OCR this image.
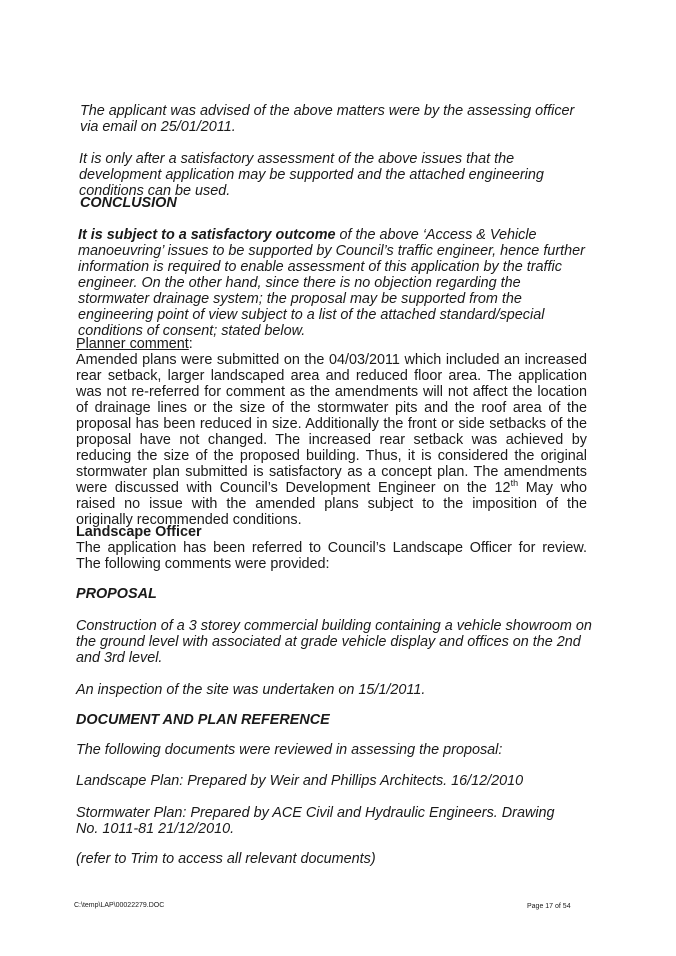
The applicant was advised of the above matters were by the assessing officer via email on 25/01/2011.

It is only after a satisfactory assessment of the above issues that the development application may be supported and the attached engineering conditions can be used.

CONCLUSION

It is subject to a satisfactory outcome of the above ‘Access & Vehicle manoeuvring’ issues to be supported by Council’s traffic engineer, hence further information is required to enable assessment of this application by the traffic engineer. On the other hand, since there is no objection regarding the stormwater drainage system; the proposal may be supported from the engineering point of view subject to a list of the attached standard/special conditions of consent; stated below.

Planner comment:

Amended plans were submitted on the 04/03/2011 which included an increased rear setback, larger landscaped area and reduced floor area. The application was not re-referred for comment as the amendments will not affect the location of drainage lines or the size of the stormwater pits and the roof area of the proposal has been reduced in size. Additionally the front or side setbacks of the proposal have not changed. The increased rear setback was achieved by reducing the size of the proposed building. Thus, it is considered the original stormwater plan submitted is satisfactory as a concept plan. The amendments were discussed with Council’s Development Engineer on the 12th May who raised no issue with the amended plans subject to the imposition of the originally recommended conditions.

Landscape Officer

The application has been referred to Council’s Landscape Officer for review. The following comments were provided:

PROPOSAL

Construction of a 3 storey commercial building containing a vehicle showroom on the ground level with associated at grade vehicle display and offices on the 2nd and 3rd level.

An inspection of the site was undertaken on 15/1/2011.

DOCUMENT AND PLAN REFERENCE

The following documents were reviewed in assessing the proposal:

Landscape Plan: Prepared by Weir and Phillips Architects. 16/12/2010

Stormwater Plan: Prepared by ACE Civil and Hydraulic Engineers. Drawing No. 1011-81 21/12/2010.

(refer to Trim to access all relevant documents)

C:\temp\LAP\00022279.DOC	Page 17 of 54
